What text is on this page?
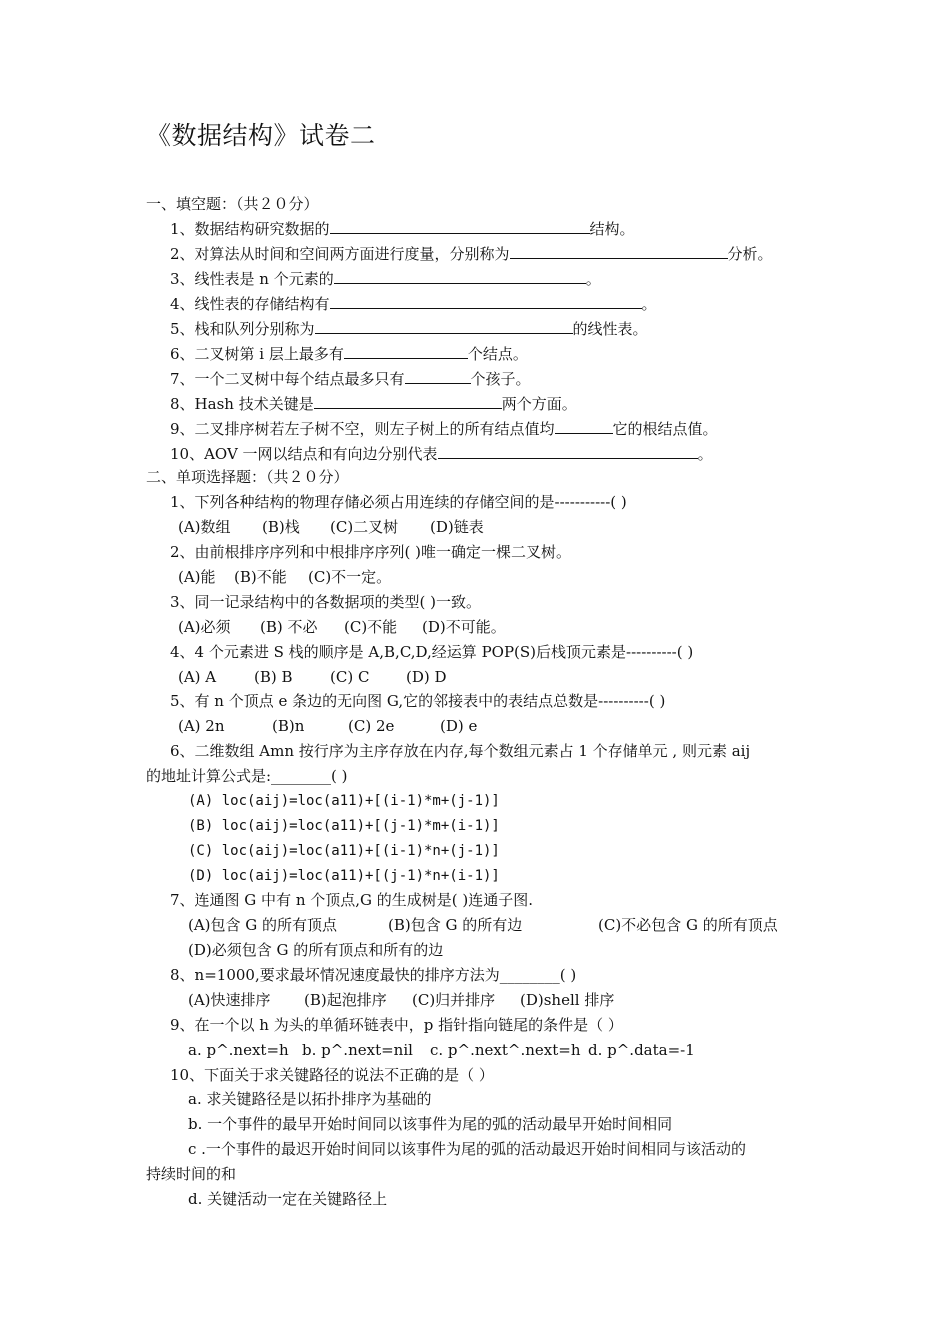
《数据结构》试卷二
一、填空题：（共２０分）
1、数据结构研究数据的	结构。
2、对算法从时间和空间两方面进行度量，分别称为	分析。
3、线性表是 n 个元素的	。
4、线性表的存储结构有	。
5、栈和队列分别称为	的线性表。
6、二叉树第 i 层上最多有	个结点。
7、一个二叉树中每个结点最多只有	个孩子。
8、Hash 技术关键是	两个方面。
9、二叉排序树若左子树不空，则左子树上的所有结点值均	它的根结点值。
10、AOV 一网以结点和有向边分别代表	。
二、单项选择题：（共２０分）
1、下列各种结构的物理存储必须占用连续的存储空间的是-----------( )
(A)数组 (B)栈 (C)二叉树 (D)链表
2、由前根排序序列和中根排序序列( )唯一确定一棵二叉树。
(A)能 (B)不能 (C)不一定。
3、同一记录结构中的各数据项的类型( )一致。
(A)必须 (B) 不必 (C)不能 (D)不可能。
4、4 个元素进 S 栈的顺序是 A,B,C,D,经运算 POP(S)后栈顶元素是----------( )
(A) A	(B) B (C) C (D) D
5、有 n 个顶点 e 条边的无向图 G,它的邻接表中的表结点总数是----------( )
(A) 2n	(B)n	(C) 2e	(D) e
6、二维数组 Amn 按行序为主序存放在内存,每个数组元素占 1 个存储单元 , 则元素 aij
的地址计算公式是:________( )
(A) loc(aij)=loc(a11)+[(i-1)*m+(j-1)]
(B) loc(aij)=loc(a11)+[(j-1)*m+(i-1)]
(C) loc(aij)=loc(a11)+[(i-1)*n+(j-1)]
(D) loc(aij)=loc(a11)+[(j-1)*n+(i-1)]
7、连通图 G 中有 n 个顶点,G 的生成树是( )连通子图.
(A)包含 G 的所有顶点	(B)包含 G 的所有边	(C)不必包含 G 的所有顶点
(D)必须包含 G 的所有顶点和所有的边
8、n=1000,要求最坏情况速度最快的排序方法为________( )
(A)快速排序 (B)起泡排序 (C)归并排序 (D)shell 排序
9、在一个以 h 为头的单循环链表中，p 指针指向链尾的条件是（ ）
a. p^.next=h b. p^.next=nil c. p^.next^.next=h d. p^.data=-1
10、下面关于求关键路径的说法不正确的是（ ）
a. 求关键路径是以拓扑排序为基础的
b. 一个事件的最早开始时间同以该事件为尾的弧的活动最早开始时间相同
c .一个事件的最迟开始时间同以该事件为尾的弧的活动最迟开始时间相同与该活动的
持续时间的和
d. 关键活动一定在关键路径上
